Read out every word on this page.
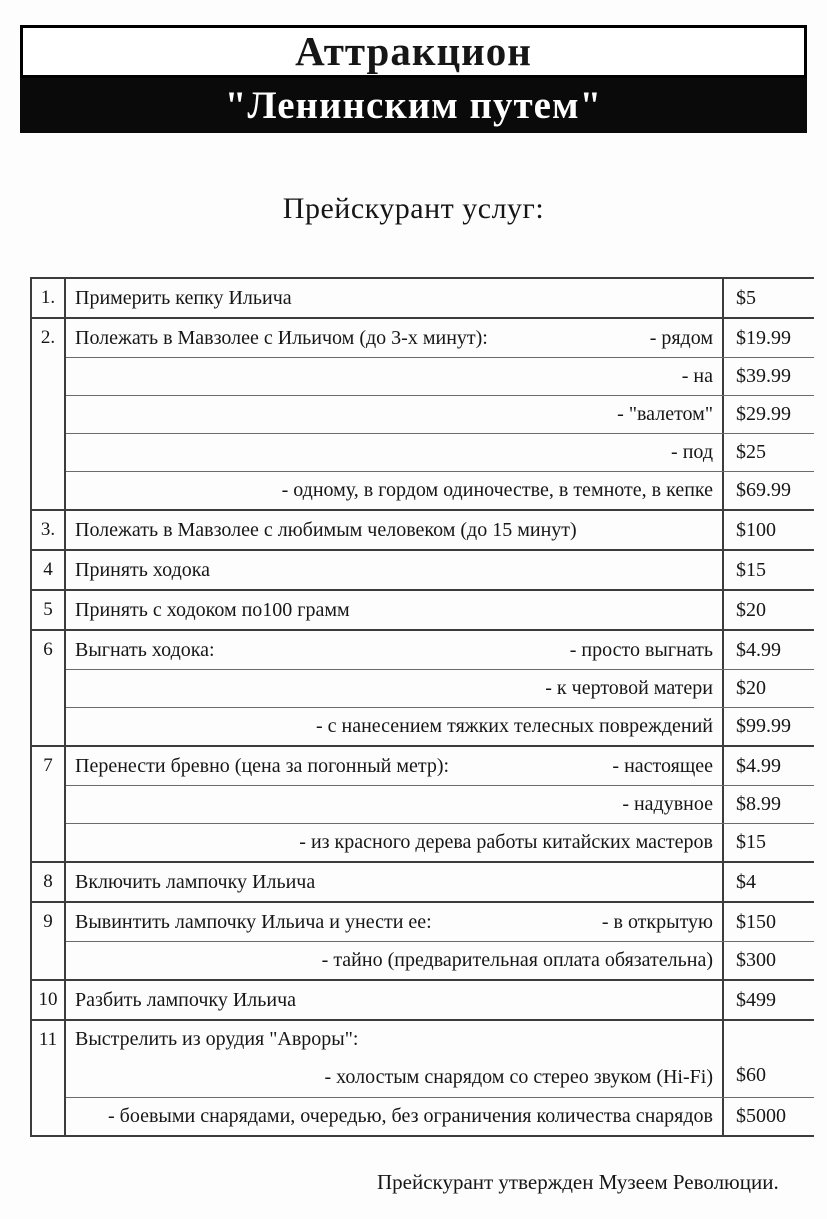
Аттракцион
"Ленинским путем"
Прейскурант услуг:
1. Примерить кепку Ильича	$5
2. Полежать в Мавзолее с Ильичом (до 3-х минут):	- рядом	$19.99
- на	$39.99
- "валетом"	$29.99
- под	$25
- одному, в гордом одиночестве, в темноте, в кепке	$69.99
3. Полежать в Мавзолее с любимым человеком (до 15 минут)	$100
4	Принять ходока	$15
5	Принять с ходоком по100 грамм	$20
6	Выгнать ходока:	- просто выгнать	$4.99
- к чертовой матери	$20
- с нанесением тяжких телесных повреждений	$99.99
7	Перенести бревно (цена за погонный метр):	- настоящее	$4.99
- надувное	$8.99
- из красного дерева работы китайских мастеров	$15
8	Включить лампочку Ильича	$4
9	Вывинтить лампочку Ильича и унести ее:	- в открытую	$150
- тайно (предварительная оплата обязательна)	$300
10 Разбить лампочку Ильича	$499
11 Выстрелить из орудия "Авроры":
- холостым снарядом со стерео звуком (Hi-Fi)	$60
- боевыми снарядами, очередью, без ограничения количества снарядов	$5000
Прейскурант утвержден Музеем Революции.
